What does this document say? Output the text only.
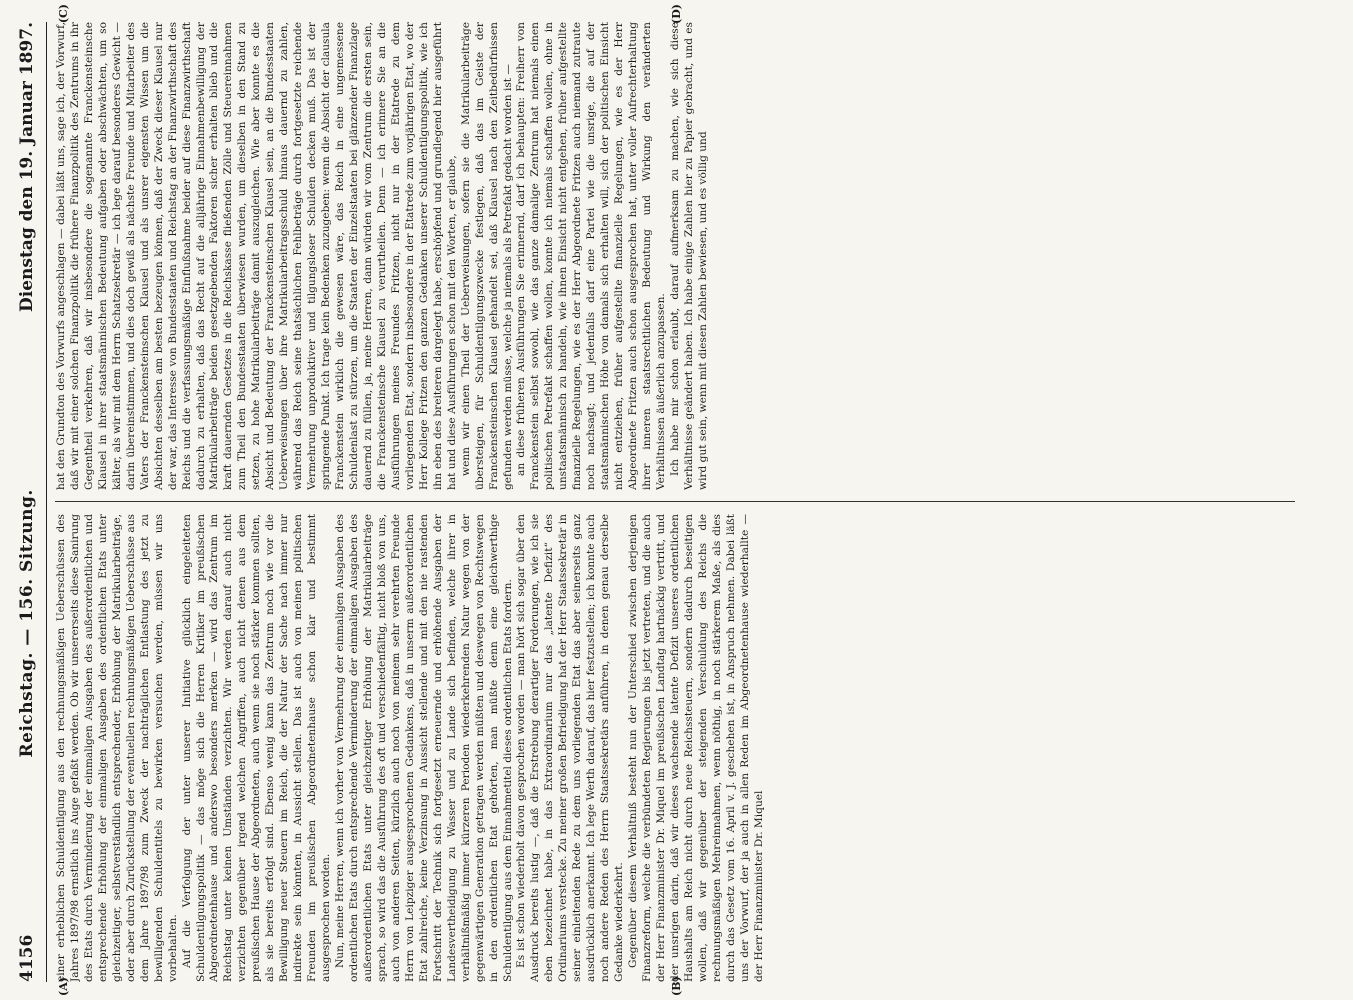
4156
Reichstag. — 156. Sitzung.
Dienstag den 19. Januar 1897.
(A)	(B)

einer erheblichen Schuldentilgung aus den rechnungsmäßigen Ueberschüssen des Jahres 1897/98 ernstlich ins Auge gefaßt werden. Ob wir unsererseits diese Sanirung des Etats durch Verminderung der einmaligen Ausgaben des außerordentlichen und entsprechende Erhöhung der einmaligen Ausgaben des ordentlichen Etats unter gleichzeitiger, selbstverständlich entsprechender, Erhöhung der Matrikularbeiträge, oder aber durch Zurückstellung der eventuellen rechnungsmäßigen Ueberschüsse aus dem Jahre 1897/98 zum Zweck der nachträglichen Entlastung des jetzt zu bewilligenden Schuldentitels zu bewirken versuchen werden, müssen wir uns vorbehalten. Auf die Verfolgung der unter unserer Initiative glücklich eingeleiteten Schuldentilgungspolitik — das möge sich die Herren Kritiker im preußischen Abgeordnetenhause und anderswo besonders merken — wird das Zentrum im Reichstag unter keinen Umständen verzichten. Wir werden darauf auch nicht verzichten gegenüber irgend welchen Angriffen, auch nicht denen aus dem preußischen Hause der Abgeordneten, auch wenn sie noch stärker kommen sollten, als sie bereits erfolgt sind. Ebenso wenig kann das Zentrum noch wie vor die Bewilligung neuer Steuern im Reich, die der Natur der Sache nach immer nur indirekte sein könnten, in Aussicht stellen. Das ist auch von meinen politischen Freunden im preußischen Abgeordnetenhause schon klar und bestimmt ausgesprochen worden. Nun, meine Herren, wenn ich vorher von Vermehrung der einmaligen Ausgaben des ordentlichen Etats durch entsprechende Verminderung der einmaligen Ausgaben des außerordentlichen Etats unter gleichzeitiger Erhöhung der Matrikularbeiträge sprach, so wird das die Ausführung des oft und verschiedenfältig, nicht bloß von uns, auch von anderen Seiten, kürzlich auch noch von meinem sehr verehrten Freunde Herrn von Leipziger ausgesprochenen Gedankens, daß in unserm außerordentlichen Etat zahlreiche, keine Verzinsung in Aussicht stellende und mit den nie rastenden Fortschritt der Technik sich fortgesetzt erneuernde und erhöhende Ausgaben der Landesvertheidigung zu Wasser und zu Lande sich befinden, welche ihrer in verhältnißmäßig immer kürzeren Perioden wiederkehrenden Natur wegen von der gegenwärtigen Generation getragen werden müßten und deswegen von Rechtswegen in den ordentlichen Etat gehörten, man müßte denn eine gleichwerthige Schuldentilgung aus dem Einnahmetitel dieses ordentlichen Etats fordern. Es ist schon wiederholt davon gesprochen worden — man hört sich sogar über den Ausdruck bereits lustig —, daß die Erstrebung derartiger Forderungen, wie ich sie eben bezeichnet habe, in das Extraordinarium nur das „latente Defizit“ des Ordinariums verstecke. Zu meiner großen Befriedigung hat der Herr Staatssekretär in seiner einleitenden Rede zu dem uns vorliegenden Etat das aber seinerseits ganz ausdrücklich anerkannt. Ich lege Werth darauf, das hier festzustellen; ich konnte auch noch andere Reden des Herrn Staatssekretärs anführen, in denen genau derselbe Gedanke wiederkehrt. Gegenüber diesem Verhältniß besteht nun der Unterschied zwischen derjenigen Finanzreform, welche die verbündeten Regierungen bis jetzt vertreten, und die auch der Herr Finanzminister Dr. Miquel im preußischen Landtag hartnäckig vertritt, und der unsrigen darin, daß wir dieses wachsende latente Defizit unseres ordentlichen Haushalts am Reich nicht durch neue Reichssteuern, sondern dadurch beseitigen wollen, daß wir gegenüber der steigenden Verschuldung des Reichs die rechnungsmäßigen Mehreinnahmen, wenn nöthig, in noch stärkerem Maße, als dies durch das Gesetz vom 16. April v. J. geschehen ist, in Anspruch nehmen. Dabei läßt uns der Vorwurf, der ja auch in allen Reden im Abgeordnetenhause wiederhallte — der Herr Finanzminister Dr. Miquel

hat den Grundton des Vorwurfs angeschlagen — dabei läßt uns, sage ich, der Vorwurf, daß wir mit einer solchen Finanzpolitik die frühere Finanzpolitik des Zentrums in ihr Gegentheil verkehren, daß wir insbesondere die sogenannte Franckensteinsche Klausel in ihrer staatsmännischen Bedeutung aufgaben oder abschwächten, um so kälter, als wir mit dem Herrn Schatzsekretär — ich lege darauf besonderes Gewicht — darin übereinstimmen, und dies doch gewiß als nächste Freunde und Mitarbeiter des Vaters der Franckensteinschen Klausel und als unsrer eigensten Wissen um die Absichten desselben am besten bezeugen können, daß der Zweck dieser Klausel nur der war, das Interesse von Bundesstaaten und Reichstag an der Finanzwirthschaft des Reichs und die verfassungsmäßige Einflußnahme beider auf diese Finanzwirthschaft dadurch zu erhalten, daß das Recht auf die alljährige Einnahmenbewilligung der Matrikularbeiträge beiden gesetzgebenden Faktoren sicher erhalten blieb und die kraft dauernden Gesetzes in die Reichskasse fließenden Zölle und Steuereinnahmen zum Theil den Bundesstaaten überwiesen wurden, um dieselben in den Stand zu setzen, zu hohe Matrikularbeiträge damit auszugleichen. Wie aber konnte es die Absicht und Bedeutung der Franckensteinschen Klausel sein, an die Bundesstaaten Ueberweisungen über ihre Matrikularbeitragsschuld hinaus dauernd zu zahlen, während das Reich seine thatsächlichen Fehlbeträge durch fortgesetzte reichende Vermehrung unproduktiver und tilgungsloser Schulden decken muß. Das ist der springende Punkt. Ich trage kein Bedenken zuzugeben: wenn die Absicht der clausula Franckenstein wirklich die gewesen wäre, das Reich in eine ungemessene Schuldenlast zu stürzen, um die Staaten der Einzelstaaten bei glänzender Finanzlage dauernd zu füllen, ja, meine Herren, dann würden wir vom Zentrum die ersten sein, die Franckensteinsche Klausel zu verurtheilen. Denn — ich erinnere Sie an die Ausführungen meines Freundes Fritzen, nicht nur in der Etatrede zu dem vorliegenden Etat, sondern insbesondere in der Etatrede zum vorjährigen Etat, wo der Herr Kollege Fritzen den ganzen Gedanken unserer Schuldentilgungspolitik, wie ich ihn eben des breiteren dargelegt habe, erschöpfend und grundlegend hier ausgeführt hat und diese Ausführungen schon mit den Worten, er glaube, wenn wir einen Theil der Ueberweisungen, sofern sie die Matrikularbeiträge übersteigen, für Schuldentilgungszwecke festlegen, daß das im Geiste der Franckensteinschen Klausel gehandelt sei, daß Klausel nach den Zeitbedürfnissen gefunden werden müsse, welche ja niemals als Petrefakt gedacht worden ist — an diese früheren Ausführungen Sie erinnernd, darf ich behaupten: Freiherr von Franckenstein selbst sowohl, wie das ganze damalige Zentrum hat niemals einen politischen Petrefakt schaffen wollen, konnte ich niemals schaffen wollen, ohne in unstaatsmännisch zu handeln, wie ihnen Einsicht nicht entgehen, früher aufgestellte finanzielle Regelungen, wie es der Herr Abgeordnete Fritzen auch niemand zutraute noch nachsagt; und jedenfalls darf eine Partei wie die unsrige, die auf der staatsmännischen Höhe von damals sich erhalten will, sich der politischen Einsicht nicht entziehen, früher aufgestellte finanzielle Regelungen, wie es der Herr Abgeordnete Fritzen auch schon ausgesprochen hat, unter voller Aufrechterhaltung ihrer inneren staatsrechtlichen Bedeutung und Wirkung den veränderten Verhältnissen äußerlich anzupassen. Ich habe mir schon erlaubt, darauf aufmerksam zu machen, wie sich diese Verhältnisse geändert haben. Ich habe einige Zahlen hier zu Papier gebracht, und es wird gut sein, wenn mit diesen Zahlen bewiesen, und es völlig und

(C)	(D)
